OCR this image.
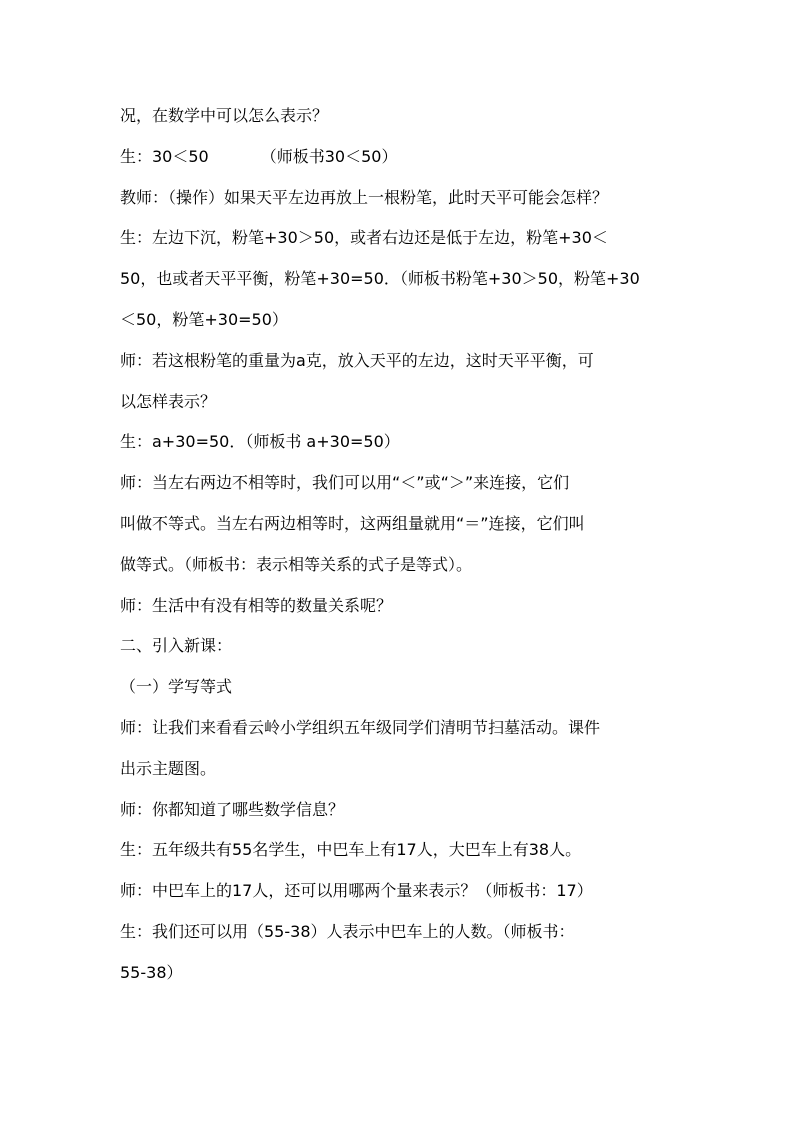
况，在数学中可以怎么表示？
生：30＜50	（师板书30＜50）
教师：（操作）如果天平左边再放上一根粉笔，此时天平可能会怎样？
生：左边下沉，粉笔+30＞50，或者右边还是低于左边，粉笔+30＜
50，也或者天平平衡，粉笔+30=50．（师板书粉笔+30＞50，粉笔+30
＜50，粉笔+30=50）
师：若这根粉笔的重量为a克，放入天平的左边，这时天平平衡，可
以怎样表示？
生：a+30=50．（师板书 a+30=50）
师：当左右两边不相等时，我们可以用“＜”或“＞”来连接，它们
叫做不等式。当左右两边相等时，这两组量就用“＝”连接，它们叫
做等式。（师板书：表示相等关系的式子是等式）。
师：生活中有没有相等的数量关系呢？
二、引入新课：
（一）学写等式
师：让我们来看看云岭小学组织五年级同学们清明节扫墓活动。课件
出示主题图。
师：你都知道了哪些数学信息？
生：五年级共有55名学生，中巴车上有17人，大巴车上有38人。
师：中巴车上的17人，还可以用哪两个量来表示？（师板书：17）
生：我们还可以用（55-38）人表示中巴车上的人数。（师板书：
55-38）
